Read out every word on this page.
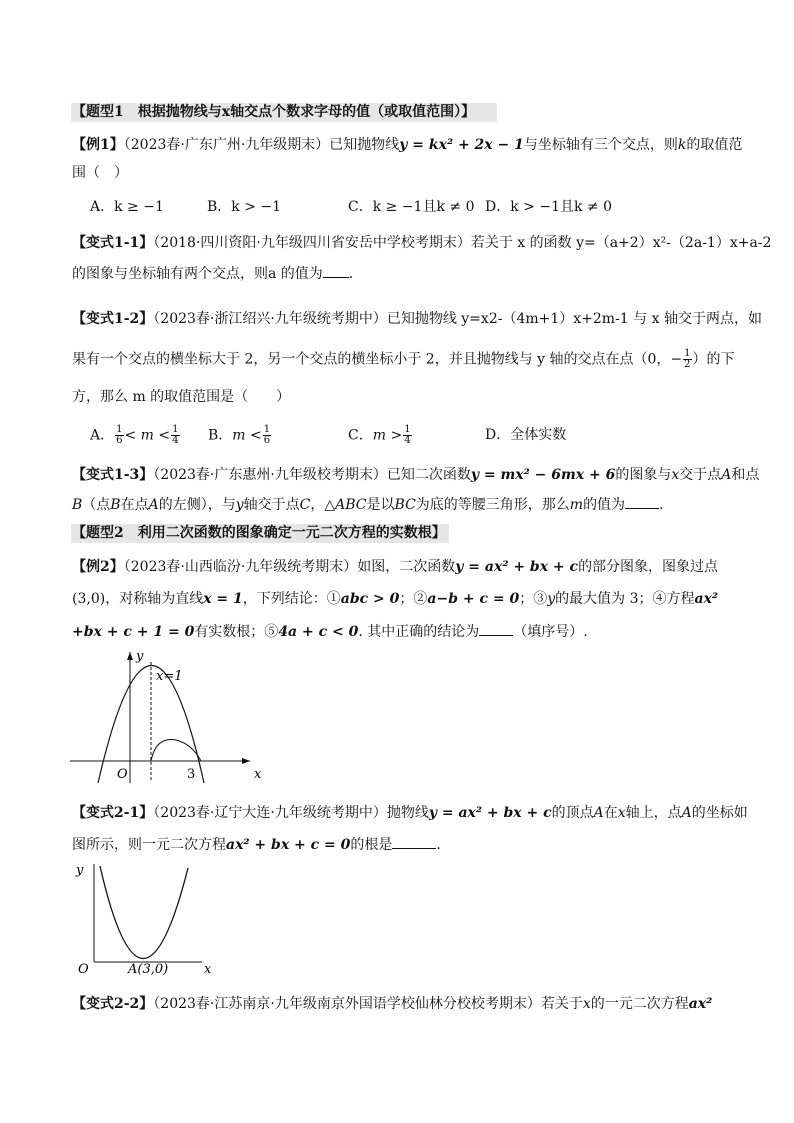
【题型1　根据抛物线与x轴交点个数求字母的值（或取值范围）】
【例1】（2023春·广东广州·九年级期末）已知抛物线y = kx² + 2x − 1与坐标轴有三个交点，则k的取值范
围（　）
A．k ≥ −1	B．k > −1	C．k ≥ −1且k ≠ 0 D．k > −1且k ≠ 0
【变式1-1】（2018·四川资阳·九年级四川省安岳中学校考期末）若关于 x 的函数 y=（a+2）x²-（2a-1）x+a-2
的图象与坐标轴有两个交点，则a 的值为 .
【变式1-2】（2023春·浙江绍兴·九年级统考期中）已知抛物线 y=x2-（4m+1）x+2m-1 与 x 轴交于两点，如
果有一个交点的横坐标大于 2，另一个交点的横坐标小于 2，并且抛物线与 y 轴的交点在点（0，− $\frac{1}{2}$ ）的下
方，那么 m 的取值范围是（　　）
A． $\frac{1}{6} < m < \frac{1}{4}$ B．$m < \frac{1}{6}$	C．$m > \frac{1}{4}$	D．全体实数
【变式1-3】（2023春·广东惠州·九年级校考期末）已知二次函数y = mx² − 6mx + 6的图象与x交于点A和点
B（点B在点A的左侧），与y轴交于点C，△ABC是以BC为底的等腰三角形，那么m的值为 .
【题型2　利用二次函数的图象确定一元二次方程的实数根】
【例2】（2023春·山西临汾·九年级统考期末）如图，二次函数y = ax² + bx + c的部分图象，图象过点
(3,0)，对称轴为直线x = 1，下列结论：①abc > 0；②a−b + c = 0；③y的最大值为 3；④方程ax²
+bx + c + 1 = 0有实数根；⑤4a + c < 0. 其中正确的结论为 （填序号）.
y
x
O
x=1
3
【变式2-1】（2023春·辽宁大连·九年级统考期中）抛物线y = ax² + bx + c的顶点A在x轴上，点A的坐标如
图所示，则一元二次方程ax² + bx + c = 0的根是	.
y
x
O	A(3,0)
【变式2-2】（2023春·江苏南京·九年级南京外国语学校仙林分校校考期末）若关于x的一元二次方程ax²
